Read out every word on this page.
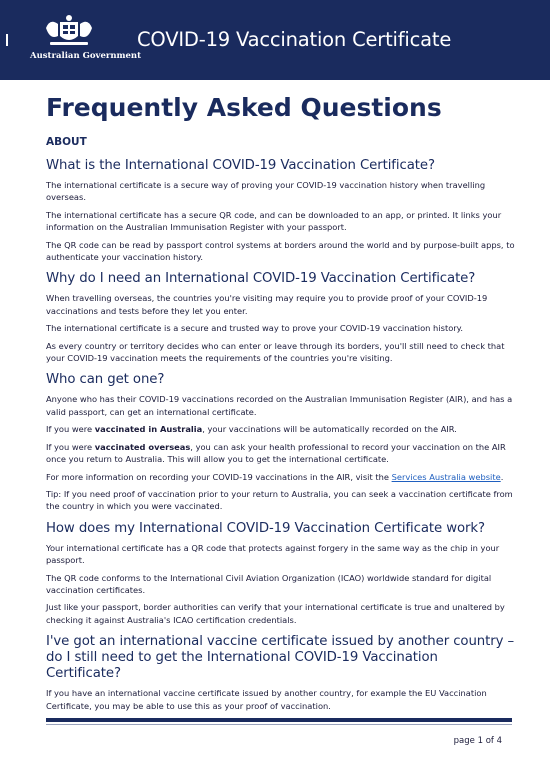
Australian Government
COVID-19 Vaccination Certificate
Frequently Asked Questions
ABOUT
What is the International COVID-19 Vaccination Certificate?
The international certificate is a secure way of proving your COVID-19 vaccination history when travelling overseas.
The international certificate has a secure QR code, and can be downloaded to an app, or printed. It links your information on the Australian Immunisation Register with your passport.
The QR code can be read by passport control systems at borders around the world and by purpose-built apps, to authenticate your vaccination history.
Why do I need an International COVID-19 Vaccination Certificate?
When travelling overseas, the countries you're visiting may require you to provide proof of your COVID-19 vaccinations and tests before they let you enter.
The international certificate is a secure and trusted way to prove your COVID-19 vaccination history.
As every country or territory decides who can enter or leave through its borders, you'll still need to check that your COVID-19 vaccination meets the requirements of the countries you're visiting.
Who can get one?
Anyone who has their COVID-19 vaccinations recorded on the Australian Immunisation Register (AIR), and has a valid passport, can get an international certificate.
If you were vaccinated in Australia, your vaccinations will be automatically recorded on the AIR.
If you were vaccinated overseas, you can ask your health professional to record your vaccination on the AIR once you return to Australia. This will allow you to get the international certificate.
For more information on recording your COVID-19 vaccinations in the AIR, visit the Services Australia website.
Tip: If you need proof of vaccination prior to your return to Australia, you can seek a vaccination certificate from the country in which you were vaccinated.
How does my International COVID-19 Vaccination Certificate work?
Your international certificate has a QR code that protects against forgery in the same way as the chip in your passport.
The QR code conforms to the International Civil Aviation Organization (ICAO) worldwide standard for digital vaccination certificates.
Just like your passport, border authorities can verify that your international certificate is true and unaltered by checking it against Australia's ICAO certification credentials.
I've got an international vaccine certificate issued by another country – do I still need to get the International COVID-19 Vaccination Certificate?
If you have an international vaccine certificate issued by another country, for example the EU Vaccination Certificate, you may be able to use this as your proof of vaccination.
page 1 of 4
